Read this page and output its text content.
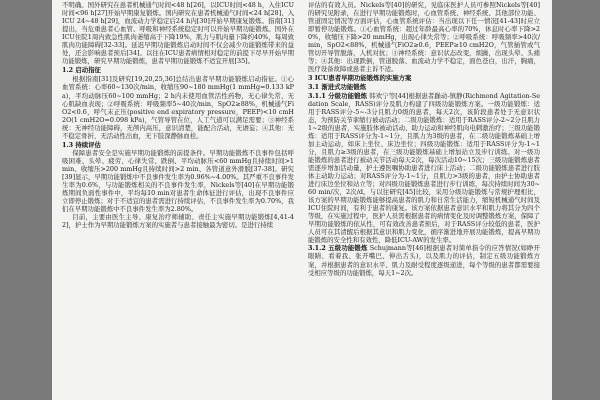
不明确。国外研究在患者机械通气时间<48 h[26]，以ICU时间<48 h，入住ICU时间<96 h[27]开始早期康复锻炼。国内研究在患者机械通气时间<24 h[28]、入ICU 24~48 h[29]，血流动力学稳定后24 h内[30]开始早期康复锻炼。指南[31]提出，当危重患者心血管、呼吸和神经系统稳定时可以开始早期功能锻炼。国外在ICU住院1周内致急性肌肉萎缩高于下降19%，肌力与肌肉量下降约40%，每周致肌肉功能障碍[32-33]。延迟早期功能锻炼启动时间不仅会减少功能锻炼带来的益处，还会影响患者预后[34]。以往在ICU患者病情相对稳定的前提下尽早开始早期功能锻炼，研究早期功能锻炼，患者早期功能锻炼不适宜开展[35]。

1.2 启动指征

根据指南[31]及研究[19,20,25,36]总结出患者早期功能锻炼启动指征。①心血管系统：心率60~130次/min，收缩压90~180 mmHg(1 mmHg=0.133 kPa)，平均动脉压60~100 mmHg；2 h内未使用血管活性药物，无心律失常、无心肌缺血表现；②呼吸系统：呼吸频率5~40次/min，SpO2≥88%，机械通气FiO2<0.6，呼气末正压(positive end expiratory pressure，PEEP)<10 cmH2O(1 cmH2O=0.098 kPa)，气管导管在位，人工气道可以满足需要；③神经系统：无神经功能障碍，无颅内高压，意识清楚，能配合活动，无谵妄；④其他：无不稳定骨折，无活动性出血，无下肢深静脉血栓。

1.3 持续评估

保障患者安全是实施早期功能锻炼的前提条件。早期功能锻炼不良事件包括呼吸困难、头晕、疲劳、心律失常、跌倒、平均动脉压<60 mmHg且持续时间>1 min、收缩压>200 mmHg且持续时间>2 min、各管道意外滑脱[37-38]。研究[39]显示，早期功能锻炼中不良事件发生率为0.96%~4.00%。其严重不良事件发生率为0.6%，与功能锻炼相关的不良事件发生率，Nickels等[40]在早期功能锻炼期间负面性事件中，平均每10 min对患者生命体征进行评估，出现不良事件应立即停止锻炼；对于不适宜的患者需进行持续评估，不良事件发生率为0.70%，我们在早期功能锻炼中不良事件发生率为2.80%。

目前，主要由医生主导、康复治疗师辅助、责任主实施早期功能锻炼[4,41-42]，护士作为早期功能锻炼方案的实施者与患者接触最为密切。是进行持续

评估的有效人员。Nickels等[40]的研究，见临床医护人员可参照Nickels等[40]的研究见附录，在进行早期功能锻炼时，心血管系统、神经系统、其他部位功能、管道固定情况等方面评估，心血管系统评估：当出现以下任一情况[41-43]时应立即暂停功能锻炼。①心血管系统：超过年龄最高心率的70%，休息时心率下降>20%，收缩压下降>20 mmHg，出现心律失常等；②呼吸系统：呼吸频率>40次/min，SpO2<88%，机械通气FiO2≥0.6，PEEP≥10 cmH2O，气管插管或气管切开导管脱落，人机对抗；③神经系统：意识状态改变，烦躁，出现头晕、头痛等；④其他：出现跌倒，管道脱落、血流动力学不稳定，面色苍白，出汗，胸痛，医疗设备故障或患者主诉不适。

3 ICU患者早期功能锻炼的实施方案

3.1 渐进式功能锻炼

3.1.1 分级功能锻炼 韩欢宁等[44]根据患者躁动-镇静(Richmond Agitation-Sedation Scale，RASS)评分及肌力构建了四级功能锻炼方案。一级功能锻炼：适用于RASS评分-5~-3分且肌力0级的患者，每天2次，该阶段患者处于无意识状态，为预防关节挛缩行被动活动；二级功能锻炼：适用于RASS评分-2~2分且肌力1~2级的患者，实施肢体被动活动、助力运动和神经肌肉电刺激治疗；三级功能锻炼：适用于RASS评分为-1~1分，且肌力为3级的患者，在二级功能锻炼基础上增加主动运动，如床上坐位、床边坐位；四级功能锻炼：适用于RASS评分为-1~1分，且肌力≥3级的患者，在三级功能锻炼基础上增加站立及步行训练。对一级功能锻炼的患者进行被动关节活动每天2次，每次活动10~15次；三级功能锻炼患者需逐步增加活动量，护士遵医嘱协助患者进行床上活动；二级功能锻炼患者进行肢体主动助力运动；对RASS评分为-1~1分，且肌力>3级的患者，由护士协助患者进行床边坐位和站立等；对四级功能锻炼患者进行步行训练，每次持续时间为30~60 min/次，2次/d。与以往研究[45]比较，采用分级功能锻炼与常规护理相比，该方案的早期功能锻炼能够提高患者的肌力和日常生活能力，缩短机械通气时间及ICU住院时间，有利于患者的康复。该方案依据患者意识水平和肌力将其分为四个等级，在实施过程中，医护人员需根据患者的病情变化及时调整锻炼方案，保障了早期功能锻炼的依从性，可有效改善患者预后，对于RASS评分较低的患者，医护人员可在其清醒后根据其意识和肌力变化，循序渐进地开展功能锻炼，提高早期功能锻炼的安全性和有效性，降低ICU-AW的发生率。

3.1.2 五级功能锻炼 Schujmann等[46]根据患者对简单指令的应答情况(如睁开眼睛、看着我、张开嘴巴、伸出舌头)，以及肌力的评估，制定五级功能锻炼方案，并根据患者的意识水平、肌力及耐受程度逐级递进，每个等级的患者都需要接受相应等级的功能锻炼，每天1~2次。
